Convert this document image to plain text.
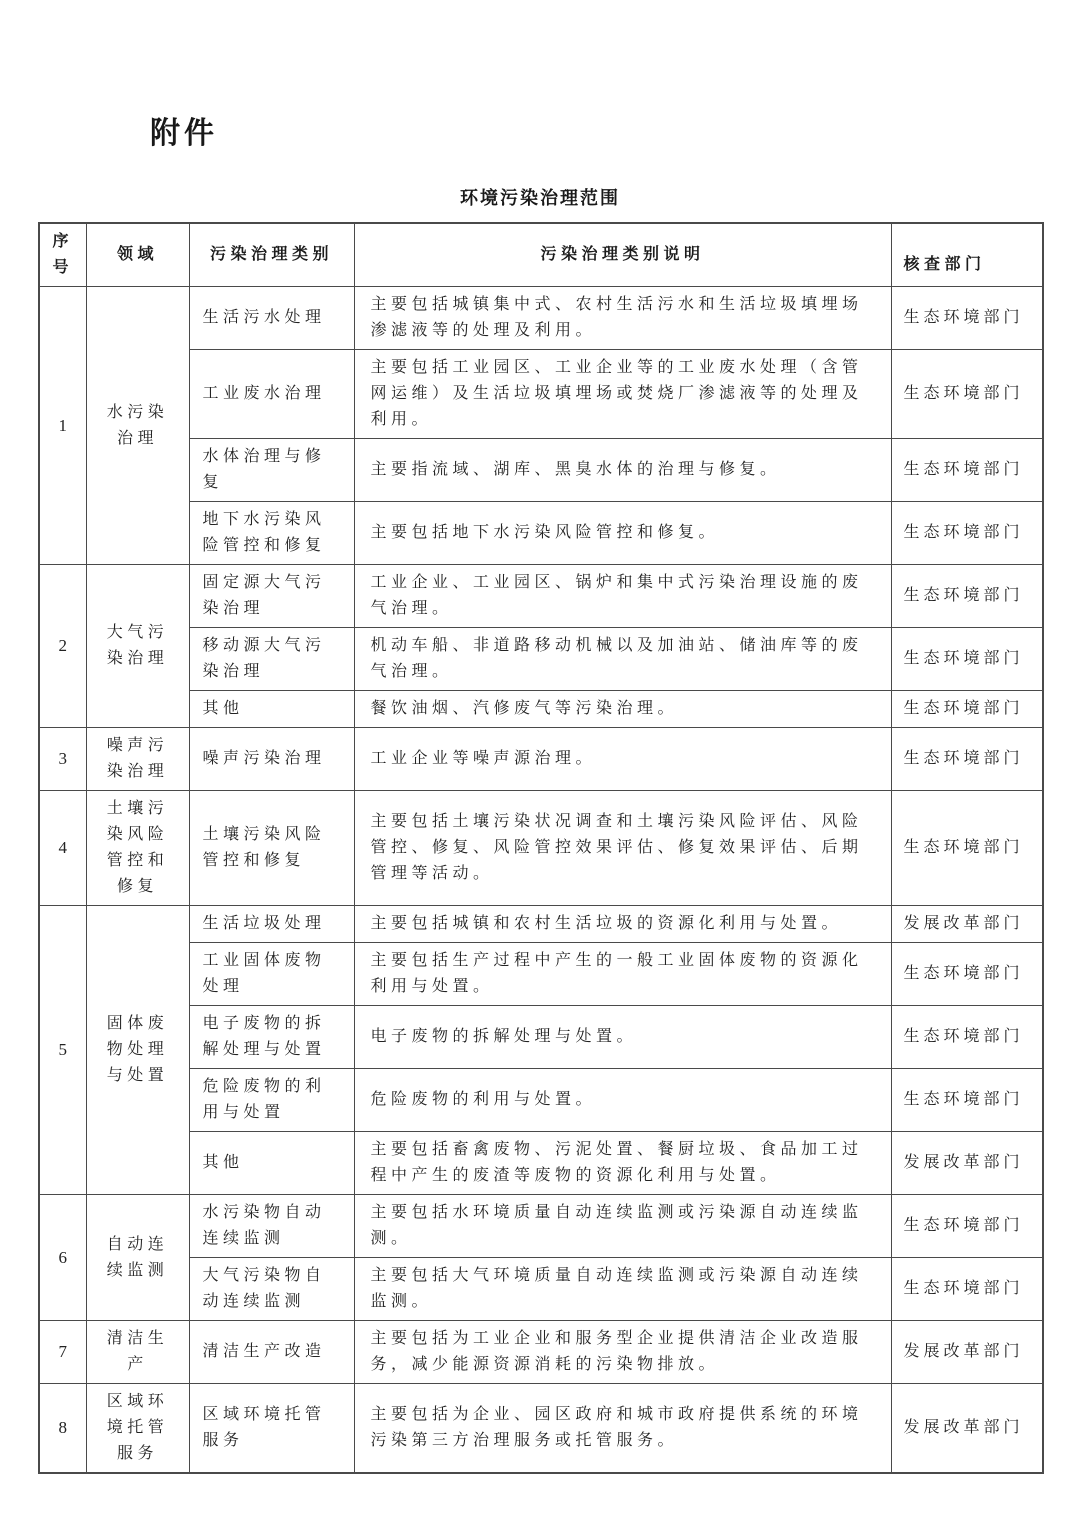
附件
环境污染治理范围
序号	领域	污染治理类别	污染治理类别说明	核查部门
1	水污染治理	生活污水处理	主要包括城镇集中式、农村生活污水和生活垃圾填埋场渗滤液等的处理及利用。	生态环境部门
		工业废水治理	主要包括工业园区、工业企业等的工业废水处理（含管网运维）及生活垃圾填埋场或焚烧厂渗滤液等的处理及利用。	生态环境部门
		水体治理与修复	主要指流域、湖库、黑臭水体的治理与修复。	生态环境部门
		地下水污染风险管控和修复	主要包括地下水污染风险管控和修复。	生态环境部门
2	大气污染治理	固定源大气污染治理	工业企业、工业园区、锅炉和集中式污染治理设施的废气治理。	生态环境部门
		移动源大气污染治理	机动车船、非道路移动机械以及加油站、储油库等的废气治理。	生态环境部门
		其他	餐饮油烟、汽修废气等污染治理。	生态环境部门
3	噪声污染治理	噪声污染治理	工业企业等噪声源治理。	生态环境部门
4	土壤污染风险管控和修复	土壤污染风险管控和修复	主要包括土壤污染状况调查和土壤污染风险评估、风险管控、修复、风险管控效果评估、修复效果评估、后期管理等活动。	生态环境部门
5	固体废物处理与处置	生活垃圾处理	主要包括城镇和农村生活垃圾的资源化利用与处置。	发展改革部门
		工业固体废物处理	主要包括生产过程中产生的一般工业固体废物的资源化利用与处置。	生态环境部门
		电子废物的拆解处理与处置	电子废物的拆解处理与处置。	生态环境部门
		危险废物的利用与处置	危险废物的利用与处置。	生态环境部门
		其他	主要包括畜禽废物、污泥处置、餐厨垃圾、食品加工过程中产生的废渣等废物的资源化利用与处置。	发展改革部门
6	自动连续监测	水污染物自动连续监测	主要包括水环境质量自动连续监测或污染源自动连续监测。	生态环境部门
		大气污染物自动连续监测	主要包括大气环境质量自动连续监测或污染源自动连续监测。	生态环境部门
7	清洁生产	清洁生产改造	主要包括为工业企业和服务型企业提供清洁企业改造服务，减少能源资源消耗的污染物排放。	发展改革部门
8	区域环境托管服务	区域环境托管服务	主要包括为企业、园区政府和城市政府提供系统的环境污染第三方治理服务或托管服务。	发展改革部门
